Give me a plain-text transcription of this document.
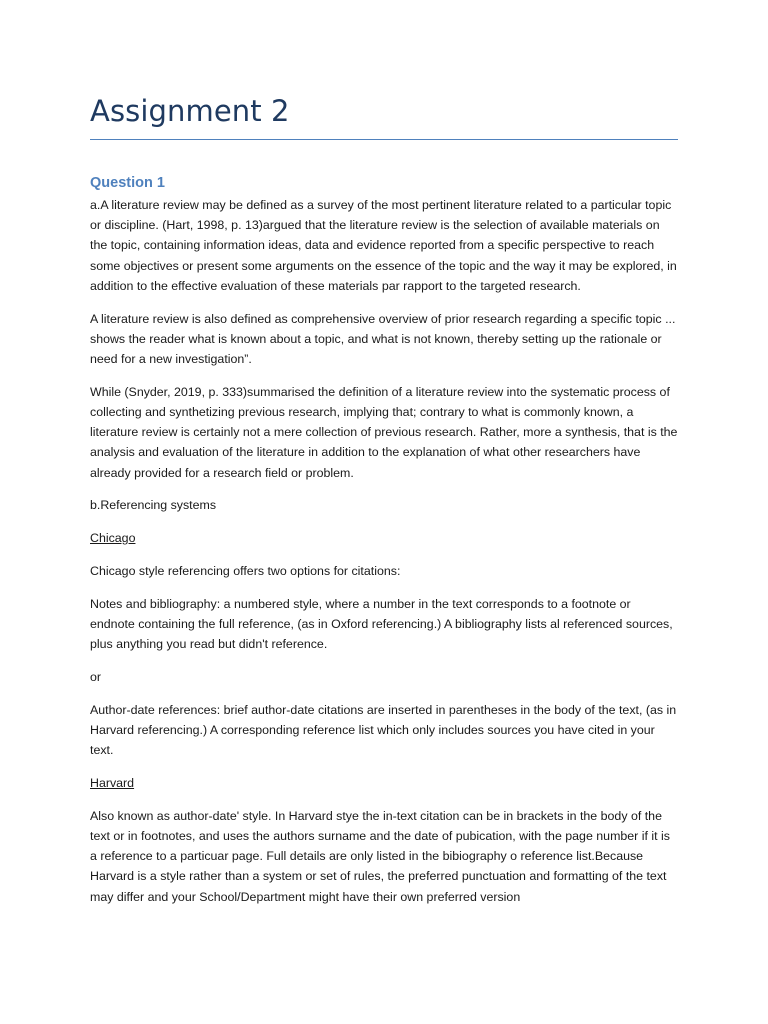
Assignment 2
Question 1

a.A literature review may be defined as a survey of the most pertinent literature related to a particular topic or discipline. (Hart, 1998, p. 13)argued that the literature review is the selection of available materials on the topic, containing information ideas, data and evidence reported from a specific perspective to reach some objectives or present some arguments on the essence of the topic and the way it may be explored, in addition to the effective evaluation of these materials par rapport to the targeted research.

A literature review is also defined as comprehensive overview of prior research regarding a specific topic ... shows the reader what is known about a topic, and what is not known, thereby setting up the rationale or need for a new investigation”.

While (Snyder, 2019, p. 333)summarised the definition of a literature review into the systematic process of collecting and synthetizing previous research, implying that; contrary to what is commonly known, a literature review is certainly not a mere collection of previous research. Rather, more a synthesis, that is the analysis and evaluation of the literature in addition to the explanation of what other researchers have already provided for a research field or problem.

b.Referencing systems

Chicago

Chicago style referencing offers two options for citations:

Notes and bibliography: a numbered style, where a number in the text corresponds to a footnote or endnote containing the full reference, (as in Oxford referencing.) A bibliography lists al referenced sources, plus anything you read but didn't reference.

or

Author-date references: brief author-date citations are inserted in parentheses in the body of the text, (as in Harvard referencing.) A corresponding reference list which only includes sources you have cited in your text.

Harvard

Also known as author-date' style. In Harvard stye the in-text citation can be in brackets in the body of the text or in footnotes, and uses the authors surname and the date of pubication, with the page number if it is a reference to a particuar page. Full details are only listed in the bibiography o reference list.Because Harvard is a style rather than a system or set of rules, the preferred punctuation and formatting of the text may differ and your School/Department might have their own preferred version
